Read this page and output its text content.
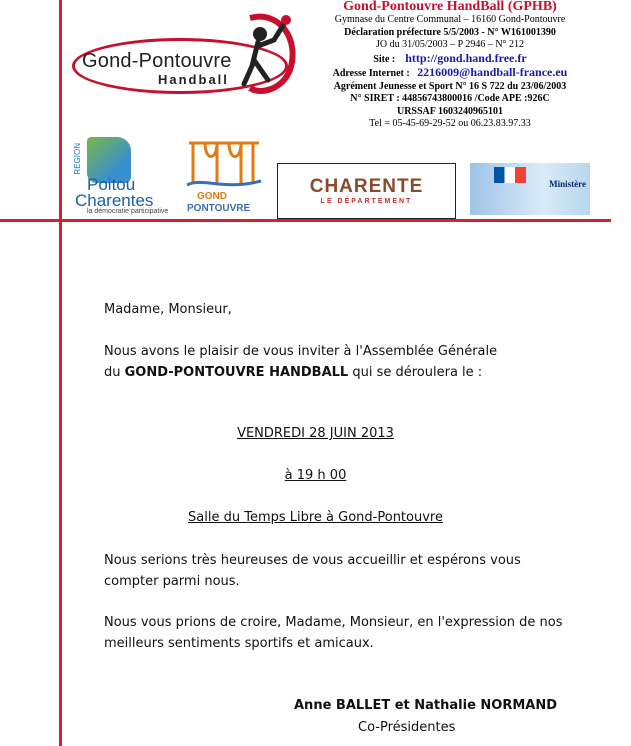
Gond-Pontouvre
Handball
Gond-Pontouvre HandBall (GPHB)
Gymnase du Centre Communal – 16160 Gond-Pontouvre
Déclaration préfecture 5/5/2003 - N° W161001390
JO du 31/05/2003 – P 2946 – N° 212
Site : http://gond.hand.free.fr
Adresse Internet : 2216009@handball-france.eu
Agrément Jeunesse et Sport N° 16 S 722 du 23/06/2003
N° SIRET : 44856743800016 /Code APE :926C
URSSAF 1603240965101
Tel = 05-45-69-29-52 ou 06.23.83.97.33
REGION
Poitou
Charentes
la démocratie participative
GOND
PONTOUVRE
CHARENTE
LE DÉPARTEMENT
Ministère
Madame, Monsieur,
Nous avons le plaisir de vous inviter à l'Assemblée Générale
du GOND-PONTOUVRE HANDBALL qui se déroulera le :
VENDREDI 28 JUIN 2013
à 19 h 00
Salle du Temps Libre à Gond-Pontouvre
Nous serions très heureuses de vous accueillir et espérons vous
compter parmi nous.
Nous vous prions de croire, Madame, Monsieur, en l'expression de nos
meilleurs sentiments sportifs et amicaux.
Anne BALLET et Nathalie NORMAND
Co-Présidentes
